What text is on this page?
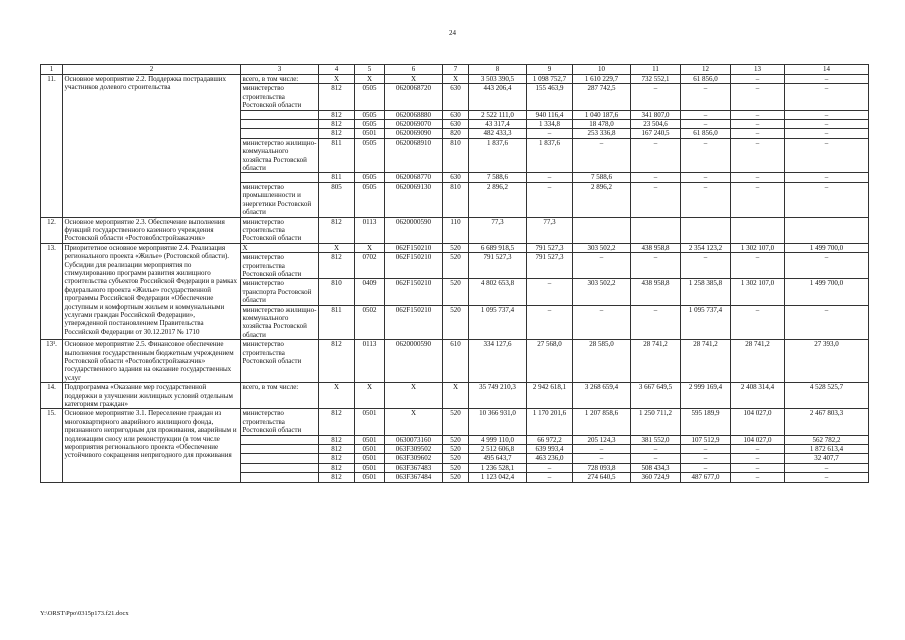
24
1	2	3	4	5	6	7	8	9	10	11	12	13	14
11.	Основное мероприятие 2.2. Поддержка пострадавших участников долевого строительства	всего, в том числе:	Х	Х	Х	Х	3 503 390,5	1 098 752,7	1 610 229,7	732 552,1	61 856,0	–	–
		министерство строительства Ростовской области	812	0505	0620068720	630	443 206,4	155 463,9	287 742,5	–	–	–	–
			812	0505	0620068880	630	2 522 111,0	940 116,4	1 040 187,6	341 807,0	–	–	–
			812	0505	0620069070	630	43 317,4	1 334,8	18 478,0	23 504,6	–	–	–
			812	0501	0620069090	820	482 433,3	–	253 336,8	167 240,5	61 856,0	–	–
		министерство жилищно-коммунального хозяйства Ростовской области	811	0505	0620068910	810	1 837,6	1 837,6	–	–	–	–	–
			811	0505	0620068770	630	7 588,6	–	7 588,6	–	–	–	–
		министерство промышленности и энергетики Ростовской области	805	0505	0620069130	810	2 896,2	–	2 896,2	–	–	–	–
12.	Основное мероприятие 2.3. Обеспечение выполнения функций государственного казенного учреждения Ростовской области «Ростовоблстройзаказчик»	министерство строительства Ростовской области	812	0113	0620000590	110	77,3	77,3					
13.	Приоритетное основное мероприятие 2.4. Реализация регионального проекта «Жилье» (Ростовской области). Субсидии для реализации мероприятия по стимулированию программ развития жилищного строительства субъектов Российской Федерации в рамках федерального проекта «Жилье» государственной программы Российской Федерации «Обеспечение доступным и комфортным жильем и коммунальными услугами граждан Российской Федерации», утвержденной постановлением Правительства Российской Федерации от 30.12.2017 № 1710	Х	Х	Х	062F150210	520	6 689 918,5	791 527,3	303 502,2	438 958,8	2 354 123,2	1 302 107,0	1 499 700,0
		министерство строительства Ростовской области	812	0702	062F150210	520	791 527,3	791 527,3	–	–	–	–	–
		министерство транспорта Ростовской области	810	0409	062F150210	520	4 802 653,8	–	303 502,2	438 958,8	1 258 385,8	1 302 107,0	1 499 700,0
		министерство жилищно-коммунального хозяйства Ростовской области	811	0502	062F150210	520	1 095 737,4	–	–	–	1 095 737,4	–	–
13¹.	Основное мероприятие 2.5. Финансовое обеспечение выполнения государственным бюджетным учреждением Ростовской области «Ростовоблстройзаказчик» государственного задания на оказание государственных услуг	министерство строительства Ростовской области	812	0113	0620000590	610	334 127,6	27 568,0	28 585,0	28 741,2	28 741,2	28 741,2	27 393,0
14.	Подпрограмма «Оказание мер государственной поддержки в улучшении жилищных условий отдельным категориям граждан»	всего, в том числе:	Х	Х	Х	Х	35 749 210,3	2 942 618,1	3 268 659,4	3 667 649,5	2 999 169,4	2 408 314,4	4 528 525,7
15.	Основное мероприятие 3.1. Переселение граждан из многоквартирного аварийного жилищного фонда, признанного непригодным для проживания, аварийным и подлежащим сносу или реконструкции (в том числе мероприятия регионального проекта «Обеспечение устойчивого сокращения непригодного для проживания	министерство строительства Ростовской области	812	0501	Х	520	10 366 931,0	1 170 201,6	1 207 858,6	1 250 711,2	595 189,9	104 027,0	2 467 803,3
			812	0501	0630073160	520	4 999 110,0	66 972,2	205 124,3	381 552,0	107 512,9	104 027,0	562 782,2
			812	0501	063F309502	520	2 512 606,8	639 993,4	–	–	–	–	1 872 613,4
			812	0501	063F309602	520	495 643,7	463 236,0	–	–	–	–	32 407,7
			812	0501	063F367483	520	1 236 528,1	–	728 093,8	508 434,3	–	–	–
			812	0501	063F367484	520	1 123 042,4	–	274 640,5	360 724,9	487 677,0	–	–
Y:\ORST\Ppo\0315p173.f21.docx
